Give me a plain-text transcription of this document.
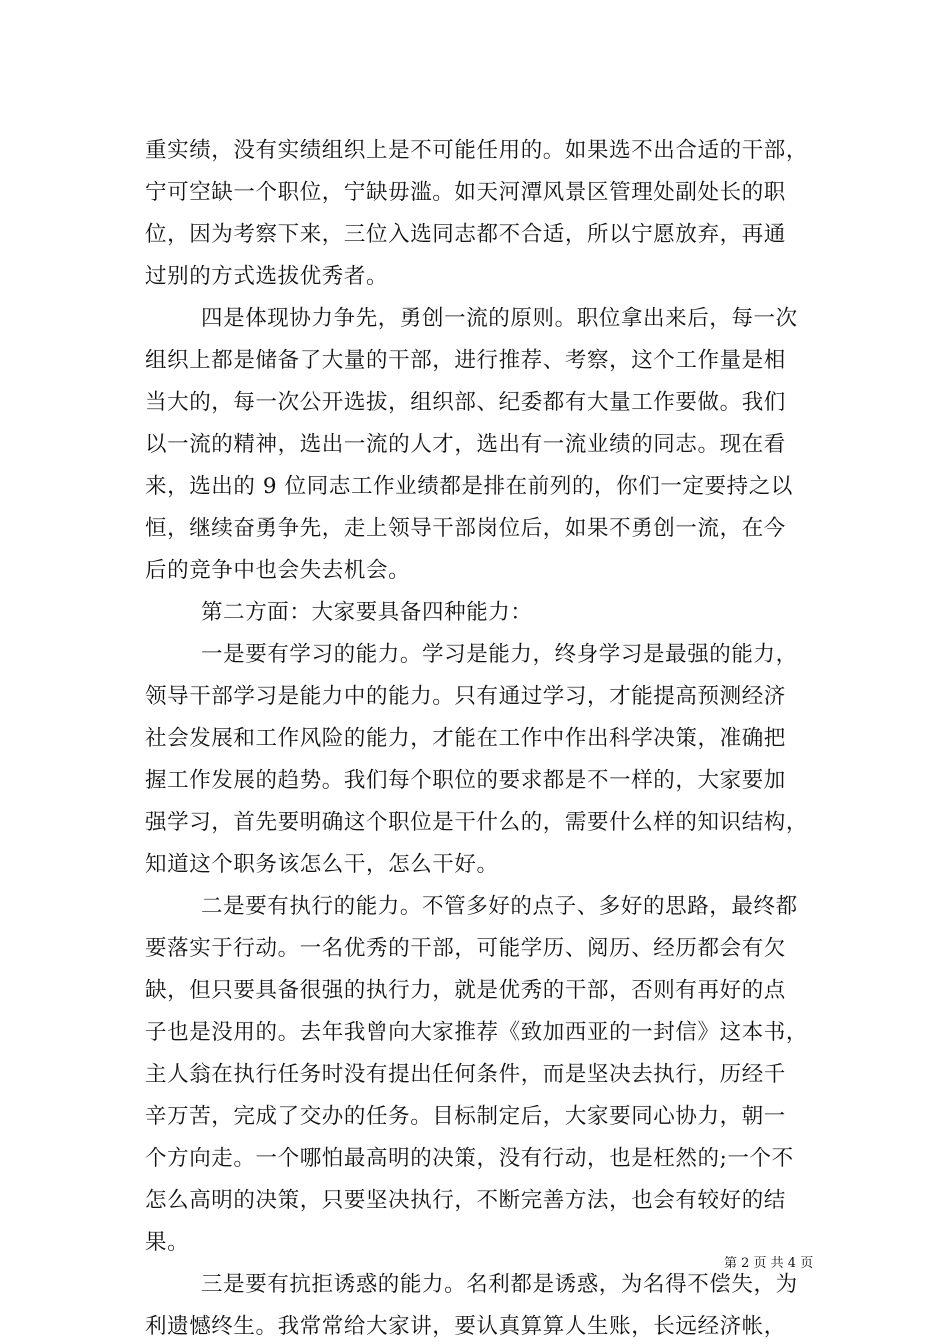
重实绩，没有实绩组织上是不可能任用的。如果选不出合适的干部，
宁可空缺一个职位，宁缺毋滥。如天河潭风景区管理处副处长的职
位，因为考察下来，三位入选同志都不合适，所以宁愿放弃，再通
过别的方式选拔优秀者。
四是体现协力争先，勇创一流的原则。职位拿出来后，每一次
组织上都是储备了大量的干部，进行推荐、考察，这个工作量是相
当大的，每一次公开选拔，组织部、纪委都有大量工作要做。我们
以一流的精神，选出一流的人才，选出有一流业绩的同志。现在看
来，选出的 9 位同志工作业绩都是排在前列的，你们一定要持之以
恒，继续奋勇争先，走上领导干部岗位后，如果不勇创一流，在今
后的竞争中也会失去机会。
第二方面：大家要具备四种能力：
一是要有学习的能力。学习是能力，终身学习是最强的能力，
领导干部学习是能力中的能力。只有通过学习，才能提高预测经济
社会发展和工作风险的能力，才能在工作中作出科学决策，准确把
握工作发展的趋势。我们每个职位的要求都是不一样的，大家要加
强学习，首先要明确这个职位是干什么的，需要什么样的知识结构，
知道这个职务该怎么干，怎么干好。
二是要有执行的能力。不管多好的点子、多好的思路，最终都
要落实于行动。一名优秀的干部，可能学历、阅历、经历都会有欠
缺，但只要具备很强的执行力，就是优秀的干部，否则有再好的点
子也是没用的。去年我曾向大家推荐《致加西亚的一封信》这本书，
主人翁在执行任务时没有提出任何条件，而是坚决去执行，历经千
辛万苦，完成了交办的任务。目标制定后，大家要同心协力，朝一
个方向走。一个哪怕最高明的决策，没有行动，也是枉然的;一个不
怎么高明的决策，只要坚决执行，不断完善方法，也会有较好的结
果。
三是要有抗拒诱惑的能力。名利都是诱惑，为名得不偿失，为
利遗憾终生。我常常给大家讲，要认真算算人生账，长远经济帐，
第 2 页 共 4 页
